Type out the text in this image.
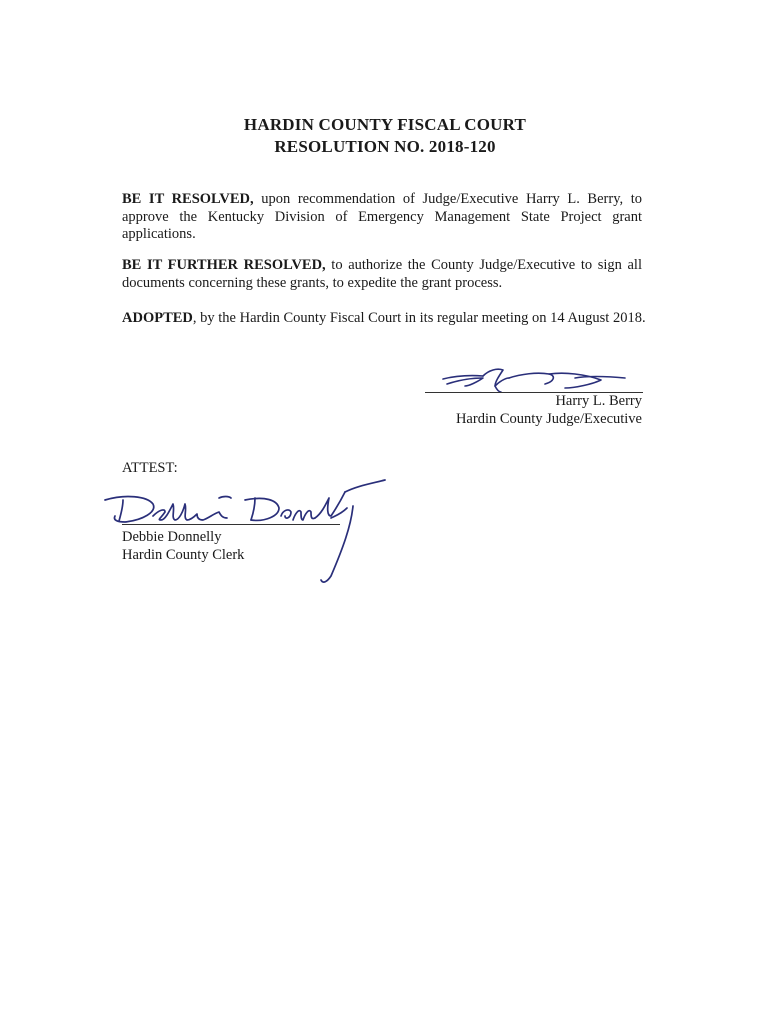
HARDIN COUNTY FISCAL COURT
RESOLUTION NO. 2018-120
BE IT RESOLVED, upon recommendation of Judge/Executive Harry L. Berry, to approve the Kentucky Division of Emergency Management State Project grant applications.
BE IT FURTHER RESOLVED, to authorize the County Judge/Executive to sign all documents concerning these grants, to expedite the grant process.
ADOPTED, by the Hardin County Fiscal Court in its regular meeting on 14 August 2018.
Harry L. Berry
Hardin County Judge/Executive
ATTEST:
Debbie Donnelly
Hardin County Clerk
